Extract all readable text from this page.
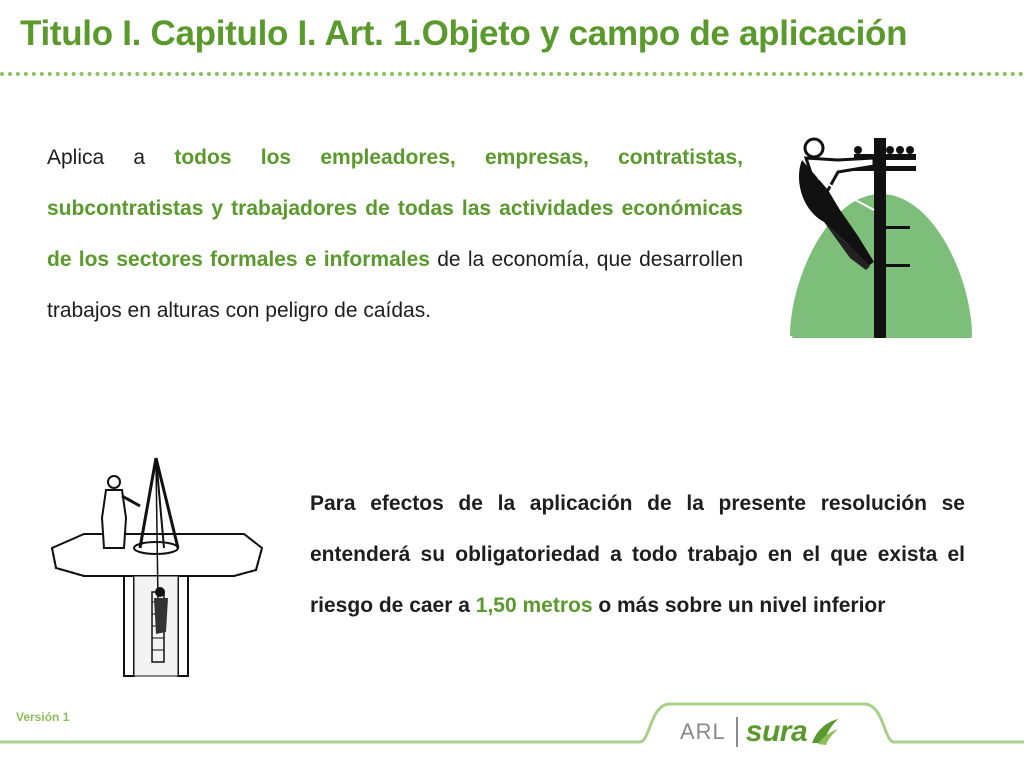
Titulo I. Capitulo I. Art. 1.Objeto y campo de aplicación

Aplica a todos los empleadores, empresas, contratistas, subcontratistas y trabajadores de todas las actividades económicas de los sectores formales e informales de la economía, que desarrollen trabajos en alturas con peligro de caídas.

Para efectos de la aplicación de la presente resolución se entenderá su obligatoriedad a todo trabajo en el que exista el riesgo de caer a 1,50 metros o más sobre un nivel inferior

Versión 1
ARL sura
